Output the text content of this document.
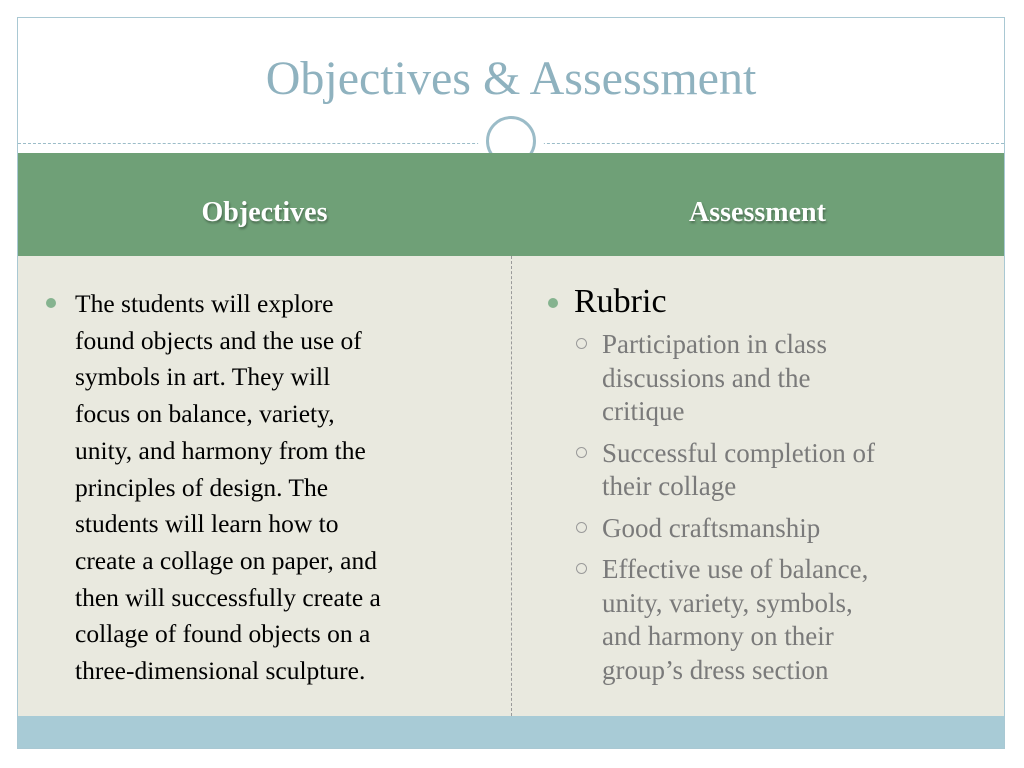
Objectives & Assessment
Objectives	Assessment
The students will explore
found objects and the use of
symbols in art. They will
focus on balance, variety,
unity, and harmony from the
principles of design. The
students will learn how to
create a collage on paper, and
then will successfully create a
collage of found objects on a
three-dimensional sculpture.
Rubric
Participation in class
discussions and the
critique
Successful completion of
their collage
Good craftsmanship
Effective use of balance,
unity, variety, symbols,
and harmony on their
group’s dress section
